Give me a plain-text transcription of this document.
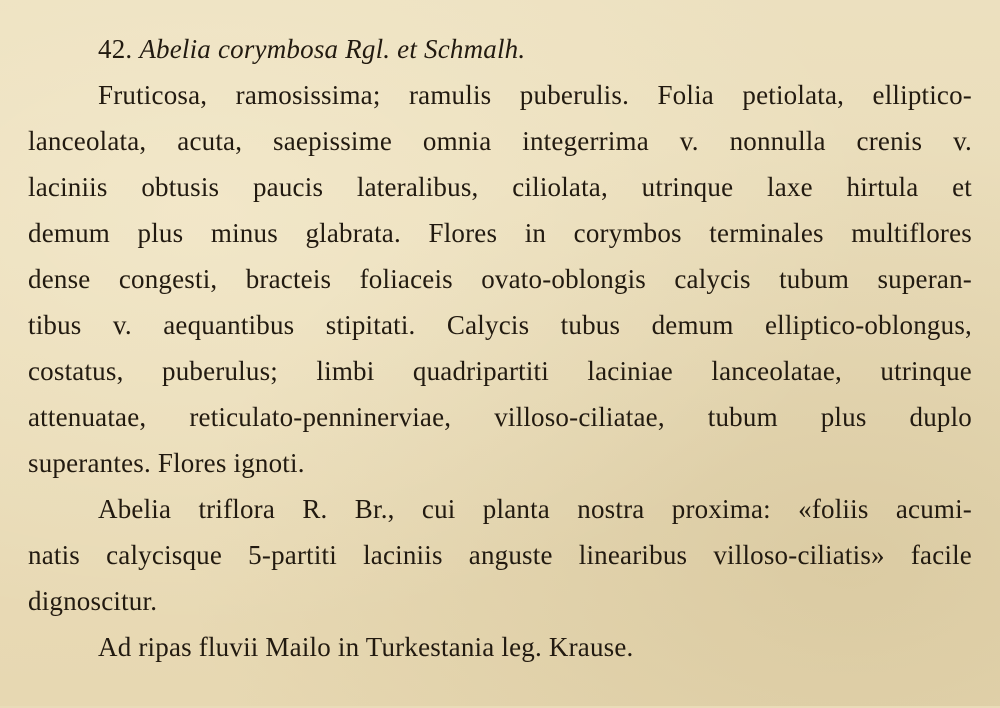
42. Abelia corymbosa Rgl. et Schmalh.
Fruticosa, ramosissima; ramulis puberulis. Folia petiolata, elliptico-
lanceolata, acuta, saepissime omnia integerrima v. nonnulla crenis v.
laciniis obtusis paucis lateralibus, ciliolata, utrinque laxe hirtula et
demum plus minus glabrata. Flores in corymbos terminales multiflores
dense congesti, bracteis foliaceis ovato-oblongis calycis tubum superan-
tibus v. aequantibus stipitati. Calycis tubus demum elliptico-oblongus,
costatus, puberulus; limbi quadripartiti laciniae lanceolatae, utrinque
attenuatae, reticulato-penninerviae, villoso-ciliatae, tubum plus duplo
superantes. Flores ignoti.
Abelia triflora R. Br., cui planta nostra proxima: «foliis acumi-
natis calycisque 5-partiti laciniis anguste linearibus villoso-ciliatis» facile
dignoscitur.
Ad ripas fluvii Mailo in Turkestania leg. Krause.
